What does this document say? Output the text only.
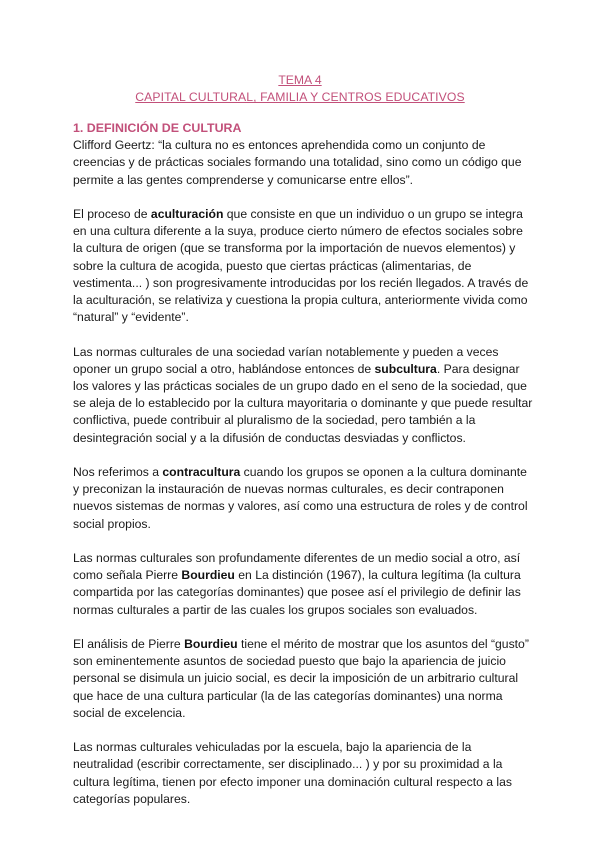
TEMA 4
CAPITAL CULTURAL, FAMILIA Y CENTROS EDUCATIVOS
1. DEFINICIÓN DE CULTURA

Clifford Geertz: “la cultura no es entonces aprehendida como un conjunto de creencias y de prácticas sociales formando una totalidad, sino como un código que permite a las gentes comprenderse y comunicarse entre ellos”.

El proceso de aculturación que consiste en que un individuo o un grupo se integra en una cultura diferente a la suya, produce cierto número de efectos sociales sobre la cultura de origen (que se transforma por la importación de nuevos elementos) y sobre la cultura de acogida, puesto que ciertas prácticas (alimentarias, de vestimenta... ) son progresivamente introducidas por los recién llegados. A través de la aculturación, se relativiza y cuestiona la propia cultura, anteriormente vivida como “natural” y “evidente”.

Las normas culturales de una sociedad varían notablemente y pueden a veces oponer un grupo social a otro, hablándose entonces de subcultura. Para designar los valores y las prácticas sociales de un grupo dado en el seno de la sociedad, que se aleja de lo establecido por la cultura mayoritaria o dominante y que puede resultar conflictiva, puede contribuir al pluralismo de la sociedad, pero también a la desintegración social y a la difusión de conductas desviadas y conflictos.

Nos referimos a contracultura cuando los grupos se oponen a la cultura dominante y preconizan la instauración de nuevas normas culturales, es decir contraponen nuevos sistemas de normas y valores, así como una estructura de roles y de control social propios.

Las normas culturales son profundamente diferentes de un medio social a otro, así como señala Pierre Bourdieu en La distinción (1967), la cultura legítima (la cultura compartida por las categorías dominantes) que posee así el privilegio de definir las normas culturales a partir de las cuales los grupos sociales son evaluados.

El análisis de Pierre Bourdieu tiene el mérito de mostrar que los asuntos del “gusto” son eminentemente asuntos de sociedad puesto que bajo la apariencia de juicio personal se disimula un juicio social, es decir la imposición de un arbitrario cultural que hace de una cultura particular (la de las categorías dominantes) una norma social de excelencia.

Las normas culturales vehiculadas por la escuela, bajo la apariencia de la neutralidad (escribir correctamente, ser disciplinado... ) y por su proximidad a la cultura legítima, tienen por efecto imponer una dominación cultural respecto a las categorías populares.
